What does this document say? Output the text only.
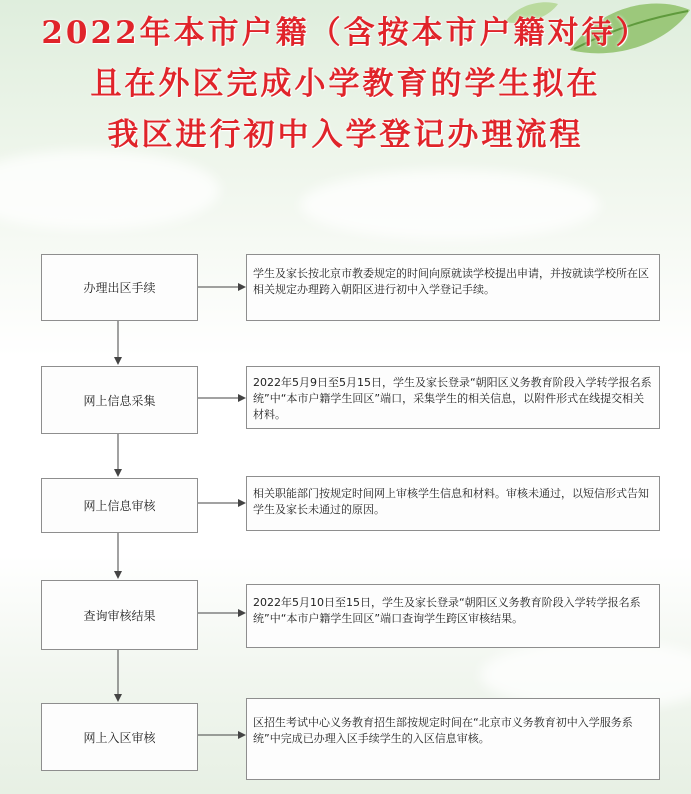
2022年本市户籍（含按本市户籍对待）
且在外区完成小学教育的学生拟在
我区进行初中入学登记办理流程
办理出区手续
学生及家长按北京市教委规定的时间向原就读学校提出申请，并按就读学校所在区相关规定办理跨入朝阳区进行初中入学登记手续。
网上信息采集
2022年5月9日至5月15日，学生及家长登录“朝阳区义务教育阶段入学转学报名系统”中“本市户籍学生回区”端口，采集学生的相关信息，以附件形式在线提交相关材料。
网上信息审核
相关职能部门按规定时间网上审核学生信息和材料。审核未通过，以短信形式告知学生及家长未通过的原因。
查询审核结果
2022年5月10日至15日，学生及家长登录“朝阳区义务教育阶段入学转学报名系统”中“本市户籍学生回区”端口查询学生跨区审核结果。
网上入区审核
区招生考试中心义务教育招生部按规定时间在“北京市义务教育初中入学服务系统”中完成已办理入区手续学生的入区信息审核。
